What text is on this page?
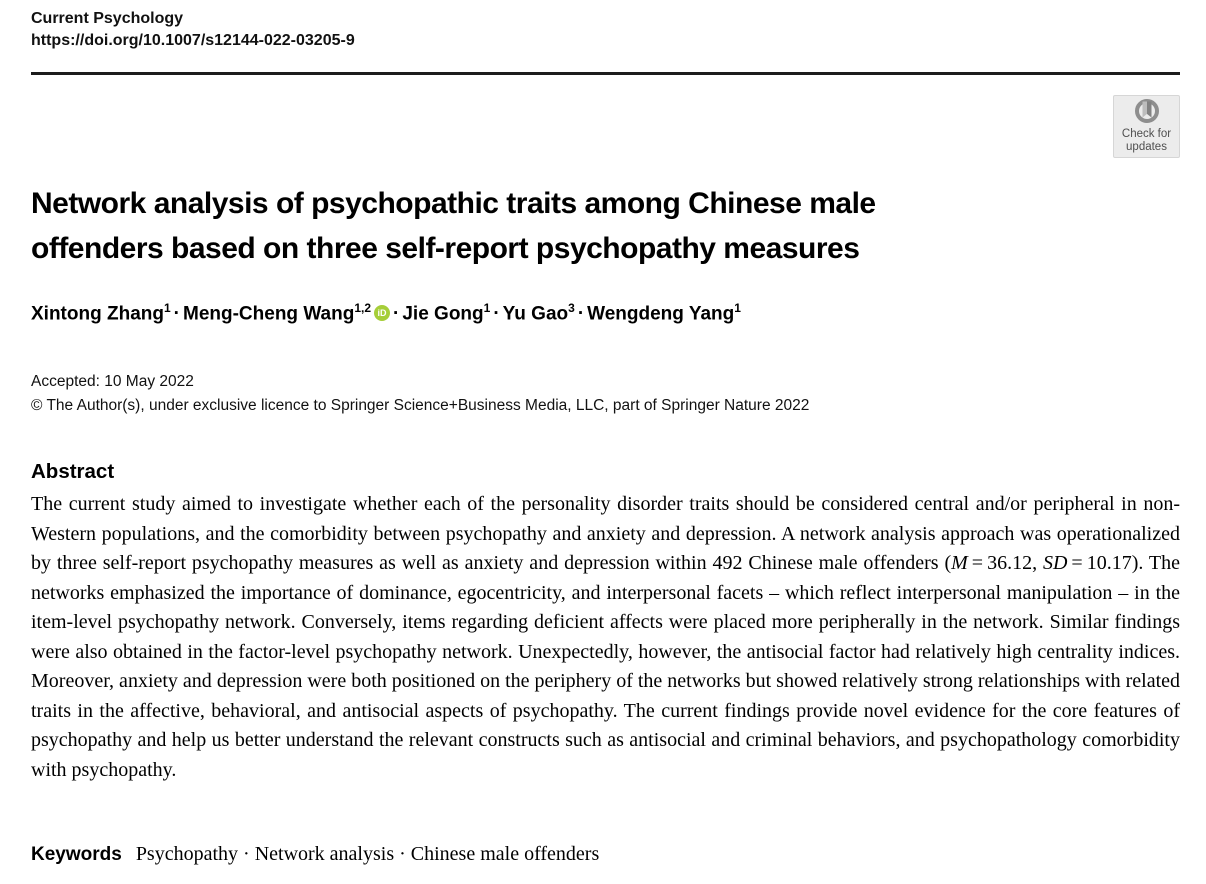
Current Psychology
https://doi.org/10.1007/s12144-022-03205-9
Check for
updates
Network analysis of psychopathic traits among Chinese male
offenders based on three self-report psychopathy measures
Xintong Zhang$^1$ · Meng-Cheng Wang$^{1,2}$ iD · Jie Gong$^1$ · Yu Gao$^3$ · Wengdeng Yang$^1$
Accepted: 10 May 2022
© The Author(s), under exclusive licence to Springer Science+Business Media, LLC, part of Springer Nature 2022
Abstract

The current study aimed to investigate whether each of the personality disorder traits should be considered central and/or peripheral in non-Western populations, and the comorbidity between psychopathy and anxiety and depression. A network analysis approach was operationalized by three self-report psychopathy measures as well as anxiety and depression within 492 Chinese male offenders (M = 36.12, SD = 10.17). The networks emphasized the importance of dominance, egocentricity, and interpersonal facets – which reflect interpersonal manipulation – in the item-level psychopathy network. Conversely, items regarding deficient affects were placed more peripherally in the network. Similar findings were also obtained in the factor-level psychopathy network. Unexpectedly, however, the antisocial factor had relatively high centrality indices. Moreover, anxiety and depression were both positioned on the periphery of the networks but showed relatively strong relationships with related traits in the affective, behavioral, and antisocial aspects of psychopathy. The current findings provide novel evidence for the core features of psychopathy and help us better understand the relevant constructs such as antisocial and criminal behaviors, and psychopathology comorbidity with psychopathy.

Keywords Psychopathy · Network analysis · Chinese male offenders
